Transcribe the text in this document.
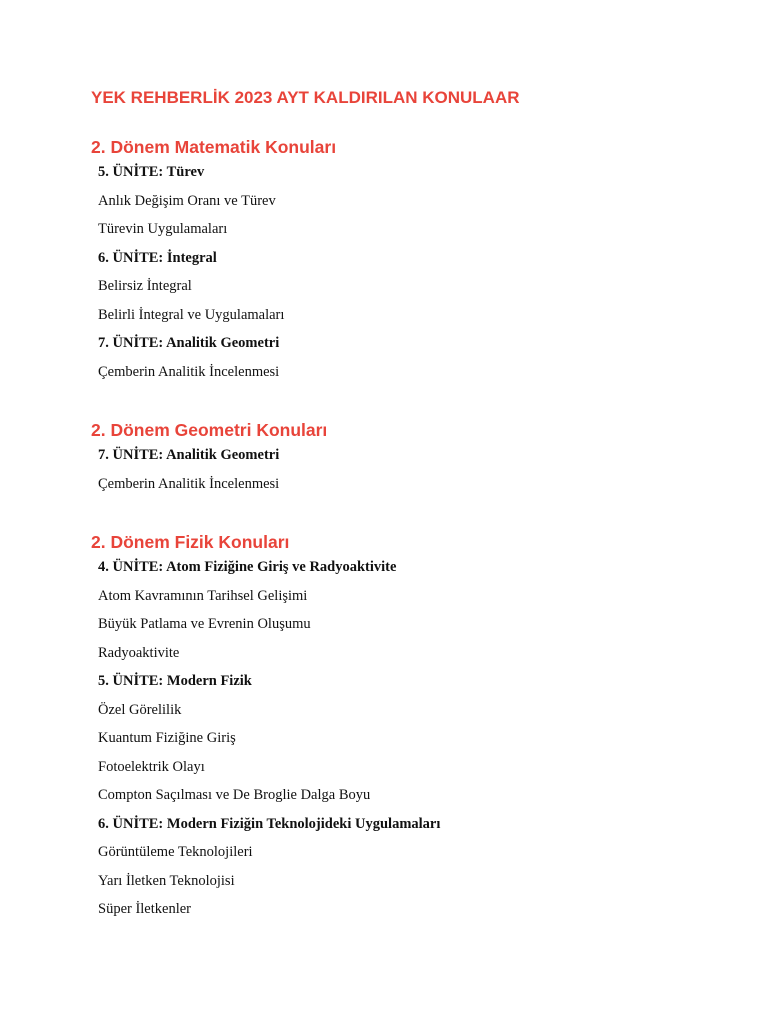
YEK REHBERLİK 2023 AYT KALDIRILAN KONULAAR
2. Dönem Matematik Konuları
5. ÜNİTE: Türev
Anlık Değişim Oranı ve Türev
Türevin Uygulamaları
6. ÜNİTE: İntegral
Belirsiz İntegral
Belirli İntegral ve Uygulamaları
7. ÜNİTE: Analitik Geometri
Çemberin Analitik İncelenmesi
2. Dönem Geometri Konuları
7. ÜNİTE: Analitik Geometri
Çemberin Analitik İncelenmesi
2. Dönem Fizik Konuları
4. ÜNİTE: Atom Fiziğine Giriş ve Radyoaktivite
Atom Kavramının Tarihsel Gelişimi
Büyük Patlama ve Evrenin Oluşumu
Radyoaktivite
5. ÜNİTE: Modern Fizik
Özel Görelilik
Kuantum Fiziğine Giriş
Fotoelektrik Olayı
Compton Saçılması ve De Broglie Dalga Boyu
6. ÜNİTE: Modern Fiziğin Teknolojideki Uygulamaları
Görüntüleme Teknolojileri
Yarı İletken Teknolojisi
Süper İletkenler
